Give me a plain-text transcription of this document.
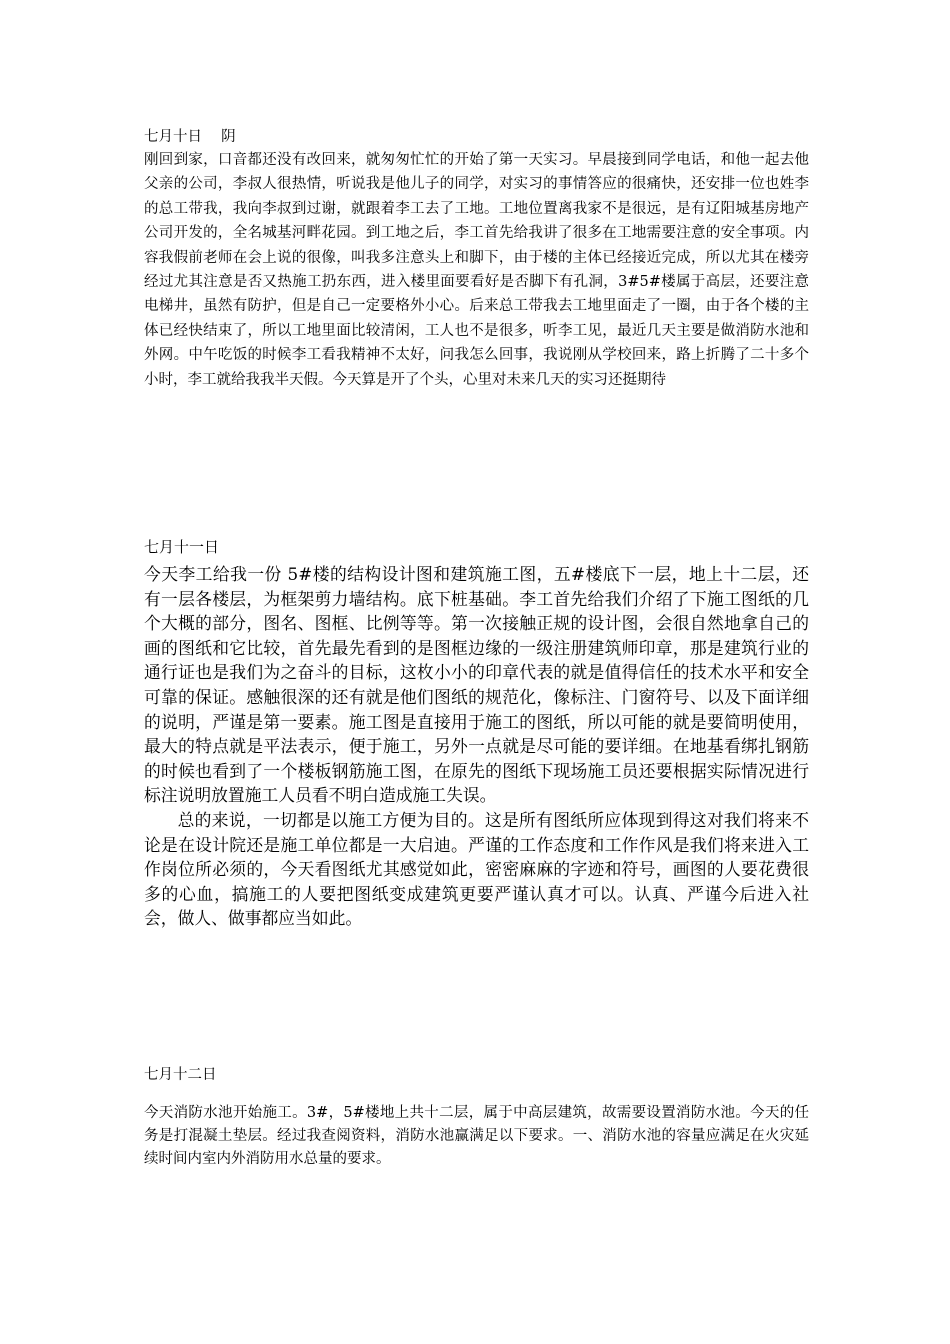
七月十日　 阴

刚回到家，口音都还没有改回来，就匆匆忙忙的开始了第一天实习。早晨接到同学电话，和他一起去他父亲的公司，李叔人很热情，听说我是他儿子的同学，对实习的事情答应的很痛快，还安排一位也姓李的总工带我，我向李叔到过谢，就跟着李工去了工地。工地位置离我家不是很远，是有辽阳城基房地产公司开发的，全名城基河畔花园。到工地之后，李工首先给我讲了很多在工地需要注意的安全事项。内容我假前老师在会上说的很像，叫我多注意头上和脚下，由于楼的主体已经接近完成，所以尤其在楼旁经过尤其注意是否又热施工扔东西，进入楼里面要看好是否脚下有孔洞，3#5#楼属于高层，还要注意电梯井，虽然有防护，但是自己一定要格外小心。后来总工带我去工地里面走了一圈，由于各个楼的主体已经快结束了，所以工地里面比较清闲，工人也不是很多，听李工见，最近几天主要是做消防水池和外网。中午吃饭的时候李工看我精神不太好，问我怎么回事，我说刚从学校回来，路上折腾了二十多个小时，李工就给我我半天假。今天算是开了个头，心里对未来几天的实习还挺期待

七月十一日

今天李工给我一份 5#楼的结构设计图和建筑施工图，五#楼底下一层，地上十二层，还有一层各楼层，为框架剪力墙结构。底下桩基础。李工首先给我们介绍了下施工图纸的几个大概的部分，图名、图框、比例等等。第一次接触正规的设计图，会很自然地拿自己的画的图纸和它比较，首先最先看到的是图框边缘的一级注册建筑师印章，那是建筑行业的通行证也是我们为之奋斗的目标，这枚小小的印章代表的就是值得信任的技术水平和安全可靠的保证。感触很深的还有就是他们图纸的规范化，像标注、门窗符号、以及下面详细的说明，严谨是第一要素。施工图是直接用于施工的图纸，所以可能的就是要简明使用，最大的特点就是平法表示，便于施工，另外一点就是尽可能的要详细。在地基看绑扎钢筋的时候也看到了一个楼板钢筋施工图，在原先的图纸下现场施工员还要根据实际情况进行标注说明放置施工人员看不明白造成施工失误。

总的来说，一切都是以施工方便为目的。这是所有图纸所应体现到得这对我们将来不论是在设计院还是施工单位都是一大启迪。严谨的工作态度和工作作风是我们将来进入工作岗位所必须的，今天看图纸尤其感觉如此，密密麻麻的字迹和符号，画图的人要花费很多的心血，搞施工的人要把图纸变成建筑更要严谨认真才可以。认真、严谨今后进入社会，做人、做事都应当如此。

七月十二日

今天消防水池开始施工。3#，5#楼地上共十二层，属于中高层建筑，故需要设置消防水池。今天的任务是打混凝土垫层。经过我查阅资料，消防水池赢满足以下要求。一、消防水池的容量应满足在火灾延续时间内室内外消防用水总量的要求。
